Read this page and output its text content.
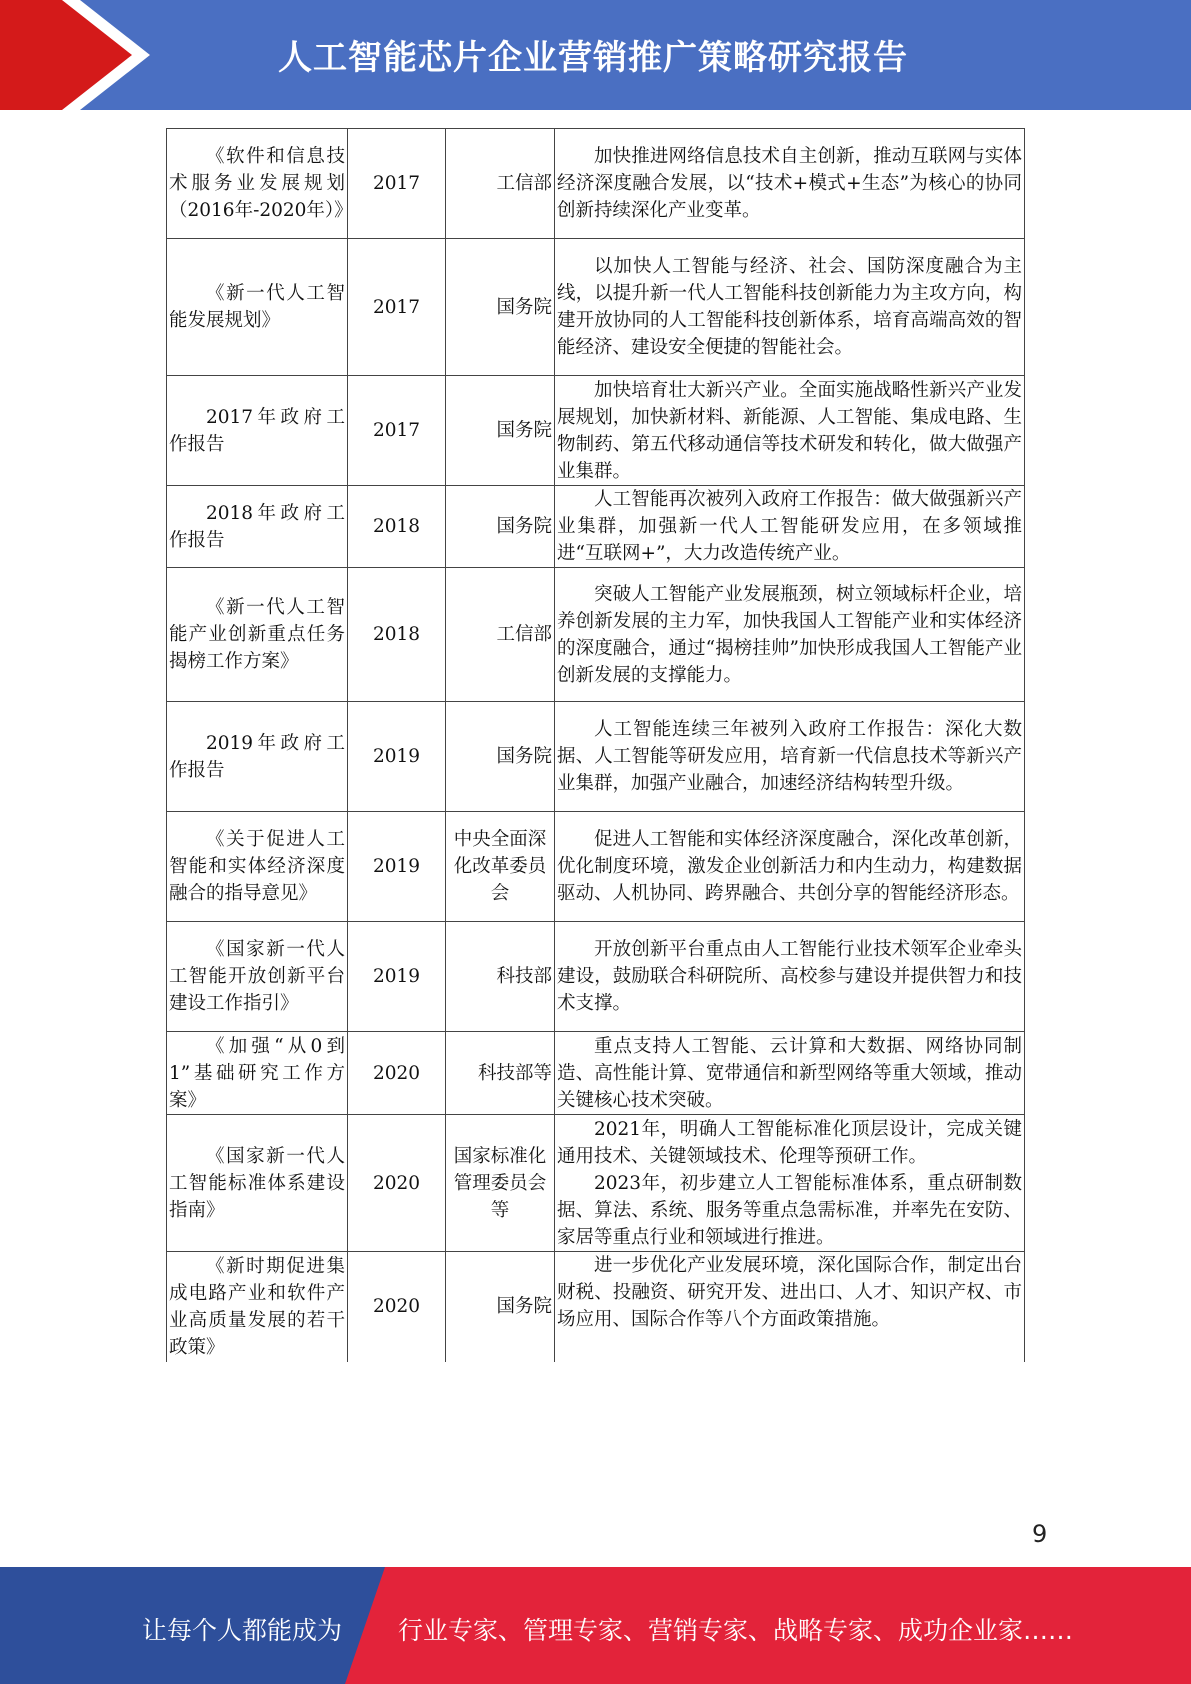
人工智能芯片企业营销推广策略研究报告
《软件和信息技术服务业发展规划（2016年-2020年）》	2017	工信部	加快推进网络信息技术自主创新，推动互联网与实体经济深度融合发展，以“技术+模式+生态”为核心的协同创新持续深化产业变革。

《新一代人工智能发展规划》	2017	国务院	以加快人工智能与经济、社会、国防深度融合为主线，以提升新一代人工智能科技创新能力为主攻方向，构建开放协同的人工智能科技创新体系，培育高端高效的智能经济、建设安全便捷的智能社会。

2017年政府工作报告	2017	国务院	加快培育壮大新兴产业。全面实施战略性新兴产业发展规划，加快新材料、新能源、人工智能、集成电路、生物制药、第五代移动通信等技术研发和转化，做大做强产业集群。

2018年政府工作报告	2018	国务院	人工智能再次被列入政府工作报告：做大做强新兴产业集群，加强新一代人工智能研发应用，在多领域推进“互联网+”，大力改造传统产业。

《新一代人工智能产业创新重点任务揭榜工作方案》	2018	工信部	突破人工智能产业发展瓶颈，树立领域标杆企业，培养创新发展的主力军，加快我国人工智能产业和实体经济的深度融合，通过“揭榜挂帅”加快形成我国人工智能产业创新发展的支撑能力。

2019年政府工作报告	2019	国务院	人工智能连续三年被列入政府工作报告：深化大数据、人工智能等研发应用，培育新一代信息技术等新兴产业集群，加强产业融合，加速经济结构转型升级。

《关于促进人工智能和实体经济深度融合的指导意见》	2019	中央全面深化改革委员会	促进人工智能和实体经济深度融合，深化改革创新，优化制度环境，激发企业创新活力和内生动力，构建数据驱动、人机协同、跨界融合、共创分享的智能经济形态。

《国家新一代人工智能开放创新平台建设工作指引》	2019	科技部	开放创新平台重点由人工智能行业技术领军企业牵头建设，鼓励联合科研院所、高校参与建设并提供智力和技术支撑。

《加强“从0到1”基础研究工作方案》	2020	科技部等	重点支持人工智能、云计算和大数据、网络协同制造、高性能计算、宽带通信和新型网络等重大领域，推动关键核心技术突破。

《国家新一代人工智能标准体系建设指南》	2020	国家标准化管理委员会等	2021年，明确人工智能标准化顶层设计，完成关键通用技术、关键领域技术、伦理等预研工作。

2023年，初步建立人工智能标准体系，重点研制数据、算法、系统、服务等重点急需标准，并率先在安防、家居等重点行业和领域进行推进。

《新时期促进集成电路产业和软件产业高质量发展的若干政策》	2020	国务院	进一步优化产业发展环境，深化国际合作，制定出台财税、投融资、研究开发、进出口、人才、知识产权、市场应用、国际合作等八个方面政策措施。

9
让每个人都能成为 行业专家、管理专家、营销专家、战略专家、成功企业家……
